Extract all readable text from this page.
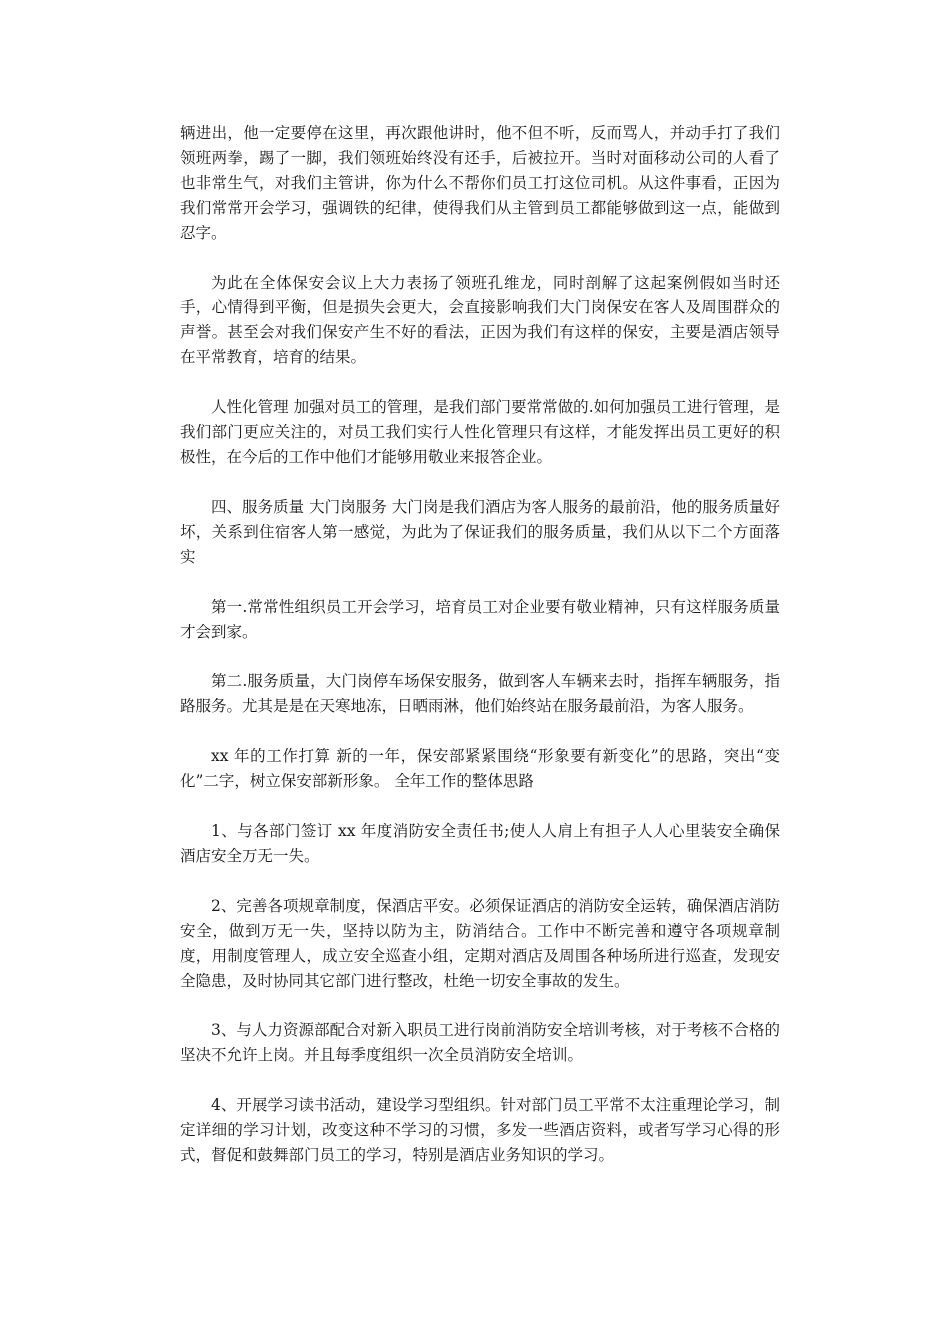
辆进出，他一定要停在这里，再次跟他讲时，他不但不听，反而骂人，并动手打了我们领班两拳，踢了一脚，我们领班始终没有还手，后被拉开。当时对面移动公司的人看了也非常生气，对我们主管讲，你为什么不帮你们员工打这位司机。从这件事看，正因为我们常常开会学习，强调铁的纪律，使得我们从主管到员工都能够做到这一点，能做到忍字。

为此在全体保安会议上大力表扬了领班孔维龙，同时剖解了这起案例假如当时还手，心情得到平衡，但是损失会更大，会直接影响我们大门岗保安在客人及周围群众的声誉。甚至会对我们保安产生不好的看法，正因为我们有这样的保安，主要是酒店领导在平常教育，培育的结果。

人性化管理 加强对员工的管理，是我们部门要常常做的.如何加强员工进行管理，是我们部门更应关注的，对员工我们实行人性化管理只有这样，才能发挥出员工更好的积极性，在今后的工作中他们才能够用敬业来报答企业。

四、服务质量 大门岗服务 大门岗是我们酒店为客人服务的最前沿，他的服务质量好坏，关系到住宿客人第一感觉，为此为了保证我们的服务质量，我们从以下二个方面落实

第一.常常性组织员工开会学习，培育员工对企业要有敬业精神，只有这样服务质量才会到家。

第二.服务质量，大门岗停车场保安服务，做到客人车辆来去时，指挥车辆服务，指路服务。尤其是是在天寒地冻，日晒雨淋，他们始终站在服务最前沿，为客人服务。

xx 年的工作打算 新的一年，保安部紧紧围绕“形象要有新变化”的思路，突出“变化”二字，树立保安部新形象。 全年工作的整体思路

1、与各部门签订 xx 年度消防安全责任书;使人人肩上有担子人人心里装安全确保酒店安全万无一失。

2、完善各项规章制度，保酒店平安。必须保证酒店的消防安全运转，确保酒店消防安全，做到万无一失，坚持以防为主，防消结合。工作中不断完善和遵守各项规章制度，用制度管理人，成立安全巡查小组，定期对酒店及周围各种场所进行巡查，发现安全隐患，及时协同其它部门进行整改，杜绝一切安全事故的发生。

3、与人力资源部配合对新入职员工进行岗前消防安全培训考核，对于考核不合格的坚决不允许上岗。并且每季度组织一次全员消防安全培训。

4、开展学习读书活动，建设学习型组织。针对部门员工平常不太注重理论学习，制定详细的学习计划，改变这种不学习的习惯，多发一些酒店资料，或者写学习心得的形式，督促和鼓舞部门员工的学习，特别是酒店业务知识的学习。
